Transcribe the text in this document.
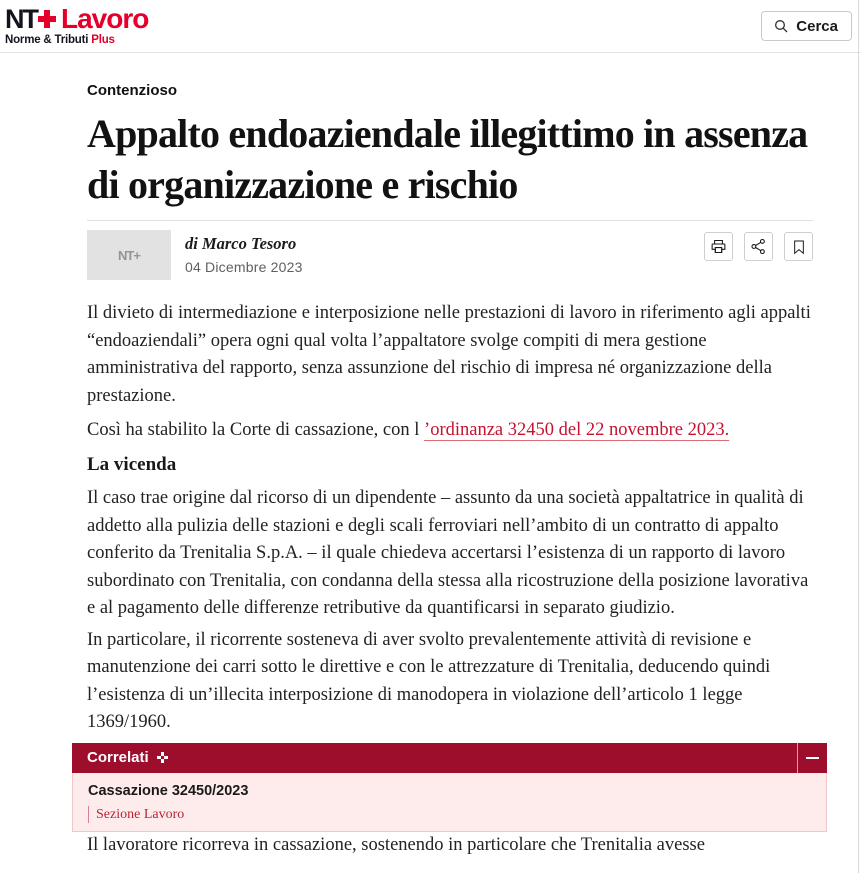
NT Lavoro
Norme & Tributi Plus
Cerca
Contenzioso
Appalto endoaziendale illegittimo in assenza di organizzazione e rischio
NT+
di Marco Tesoro
04 Dicembre 2023

Il divieto di intermediazione e interposizione nelle prestazioni di lavoro in riferimento agli appalti “endoaziendali” opera ogni qual volta l’appaltatore svolge compiti di mera gestione amministrativa del rapporto, senza assunzione del rischio di impresa né organizzazione della prestazione.

Così ha stabilito la Corte di cassazione, con l ’ordinanza 32450 del 22 novembre 2023.

La vicenda

Il caso trae origine dal ricorso di un dipendente – assunto da una società appaltatrice in qualità di addetto alla pulizia delle stazioni e degli scali ferroviari nell’ambito di un contratto di appalto conferito da Trenitalia S.p.A. – il quale chiedeva accertarsi l’esistenza di un rapporto di lavoro subordinato con Trenitalia, con condanna della stessa alla ricostruzione della posizione lavorativa e al pagamento delle differenze retributive da quantificarsi in separato giudizio.

In particolare, il ricorrente sosteneva di aver svolto prevalentemente attività di revisione e manutenzione dei carri sotto le direttive e con le attrezzature di Trenitalia, deducendo quindi l’esistenza di un’illecita interposizione di manodopera in violazione dell’articolo 1 legge 1369/1960.

Correlati
Cassazione 32450/2023
Sezione Lavoro

Il lavoratore ricorreva in cassazione, sostenendo in particolare che Trenitalia avesse
